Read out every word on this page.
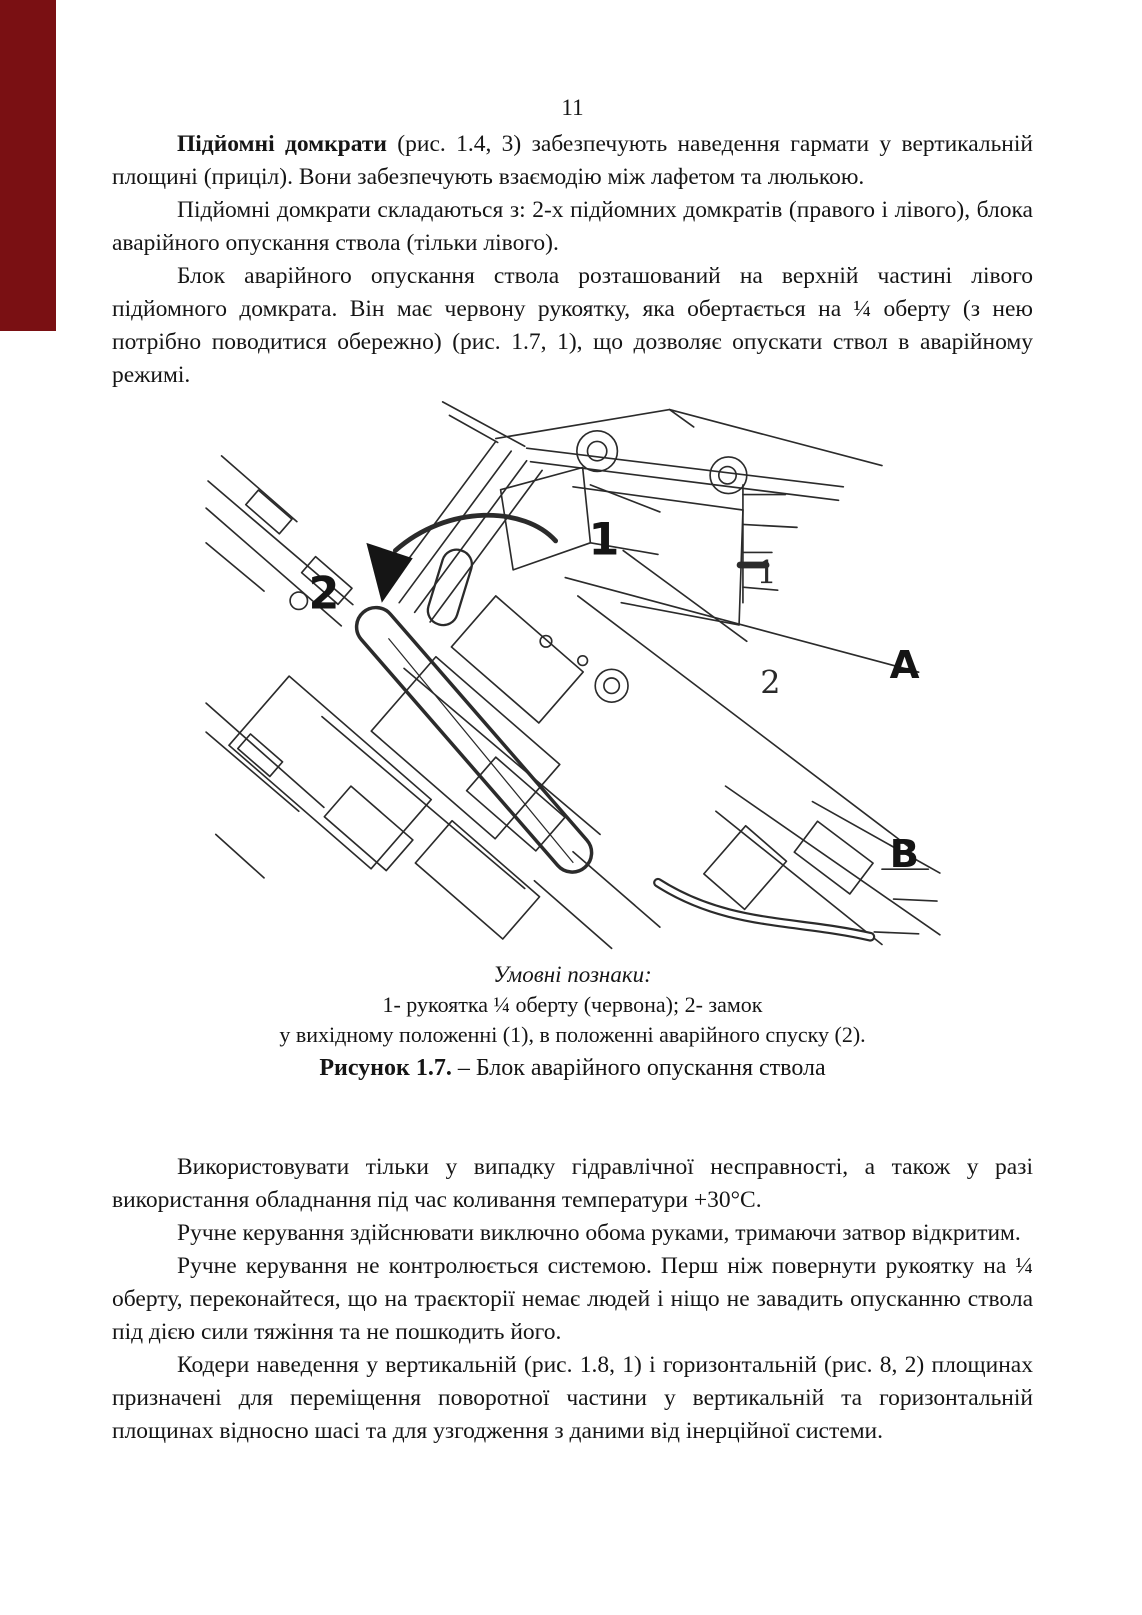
11

Підйомні домкрати (рис. 1.4, 3) забезпечують наведення гармати у вертикальній площині (приціл). Вони забезпечують взаємодію між лафетом та люлькою.

Підйомні домкрати складаються з: 2-х підйомних домкратів (правого і лівого), блока аварійного опускання ствола (тільки лівого).

Блок аварійного опускання ствола розташований на верхній частині лівого підйомного домкрата. Він має червону рукоятку, яка обертається на ¼ оберту (з нею потрібно поводитися обережно) (рис. 1.7, 1), що дозволяє опускати ствол в аварійному режимі.

1
2	1
2	A
B

Умовні познаки:

1- рукоятка ¼ оберту (червона); 2- замок

у вихідному положенні (1), в положенні аварійного спуску (2).

Рисунок 1.7. – Блок аварійного опускання ствола

Використовувати тільки у випадку гідравлічної несправності, а також у разі використання обладнання під час коливання температури +30°С.

Ручне керування здійснювати виключно обома руками, тримаючи затвор відкритим.

Ручне керування не контролюється системою. Перш ніж повернути рукоятку на ¼ оберту, переконайтеся, що на траєкторії немає людей і ніщо не завадить опусканню ствола під дією сили тяжіння та не пошкодить його.

Кодери наведення у вертикальній (рис. 1.8, 1) і горизонтальній (рис. 8, 2) площинах призначені для переміщення поворотної частини у вертикальній та горизонтальній площинах відносно шасі та для узгодження з даними від інерційної системи.
